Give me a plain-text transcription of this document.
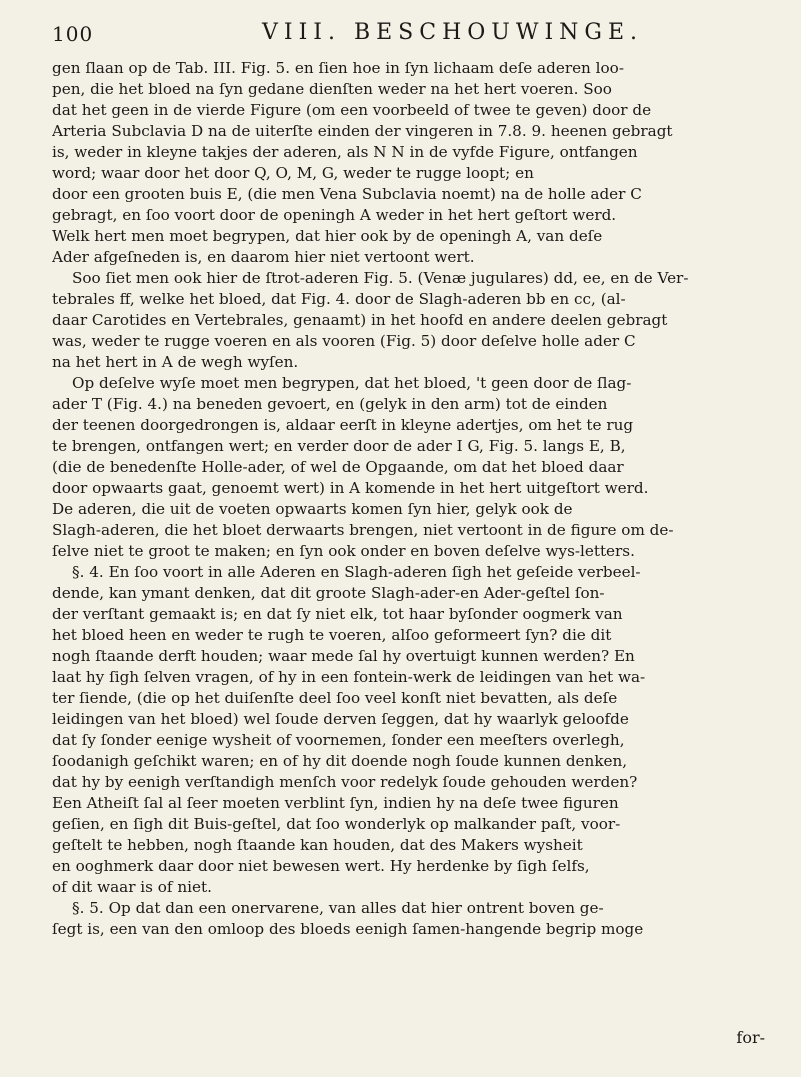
100	VIII. BESCHOUWINGE.
gen ſlaan op de Tab. III. Fig. 5. en ſien hoe in ſyn lichaam deſe aderen loo-
pen, die het bloed na ſyn gedane dienſten weder na het hert voeren. Soo
dat het geen in de vierde Figure (om een voorbeeld of twee te geven) door de
Arteria Subclavia D na de uiterſte einden der vingeren in 7.8. 9. heenen gebragt
is, weder in kleyne takjes der aderen, als N N in de vyfde Figure, ontfangen
word; waar door het door Q, O, M, G, weder te rugge loopt; en
door een grooten buis E, (die men Vena Subclavia noemt) na de holle ader C
gebragt, en ſoo voort door de openingh A weder in het hert geſtort werd.
Welk hert men moet begrypen, dat hier ook by de openingh A, van deſe
Ader afgeſneden is, en daarom hier niet vertoont wert.
Soo ſiet men ook hier de ſtrot-aderen Fig. 5. (Venæ jugulares) dd, ee, en de Ver-
tebrales ff, welke het bloed, dat Fig. 4. door de Slagh-aderen bb en cc, (al-
daar Carotides en Vertebrales, genaamt) in het hoofd en andere deelen gebragt
was, weder te rugge voeren en als vooren (Fig. 5) door deſelve holle ader C
na het hert in A de wegh wyſen.
Op deſelve wyſe moet men begrypen, dat het bloed, 't geen door de ſlag-
ader T (Fig. 4.) na beneden gevoert, en (gelyk in den arm) tot de einden
der teenen doorgedrongen is, aldaar eerſt in kleyne adertjes, om het te rug
te brengen, ontfangen wert; en verder door de ader I G, Fig. 5. langs E, B,
(die de benedenſte Holle-ader, of wel de Opgaande, om dat het bloed daar
door opwaarts gaat, genoemt wert) in A komende in het hert uitgeſtort werd.
De aderen, die uit de voeten opwaarts komen ſyn hier, gelyk ook de
Slagh-aderen, die het bloet derwaarts brengen, niet vertoont in de figure om de-
ſelve niet te groot te maken; en ſyn ook onder en boven deſelve wys-letters.
§. 4. En ſoo voort in alle Aderen en Slagh-aderen ſigh het geſeide verbeel-
dende, kan ymant denken, dat dit groote Slagh-ader-en Ader-geſtel ſon-
der verſtant gemaakt is; en dat ſy niet elk, tot haar byſonder oogmerk van
het bloed heen en weder te rugh te voeren, alſoo geformeert ſyn? die dit
nogh ſtaande derft houden; waar mede ſal hy overtuigt kunnen werden? En
laat hy ſigh ſelven vragen, of hy in een fontein-werk de leidingen van het wa-
ter ſiende, (die op het duiſenſte deel ſoo veel konſt niet bevatten, als deſe
leidingen van het bloed) wel ſoude derven ſeggen, dat hy waarlyk geloofde
dat ſy ſonder eenige wysheit of voornemen, ſonder een meeſters overlegh,
ſoodanigh geſchikt waren; en of hy dit doende nogh ſoude kunnen denken,
dat hy by eenigh verſtandigh menſch voor redelyk ſoude gehouden werden?
Een Atheiſt ſal al ſeer moeten verblint ſyn, indien hy na deſe twee figuren
geſien, en ſigh dit Buis-geſtel, dat ſoo wonderlyk op malkander paſt, voor-
geſtelt te hebben, nogh ſtaande kan houden, dat des Makers wysheit
en ooghmerk daar door niet bewesen wert. Hy herdenke by ſigh ſelfs,
of dit waar is of niet.
§. 5. Op dat dan een onervarene, van alles dat hier ontrent boven ge-
ſegt is, een van den omloop des bloeds eenigh ſamen-hangende begrip moge
for-
